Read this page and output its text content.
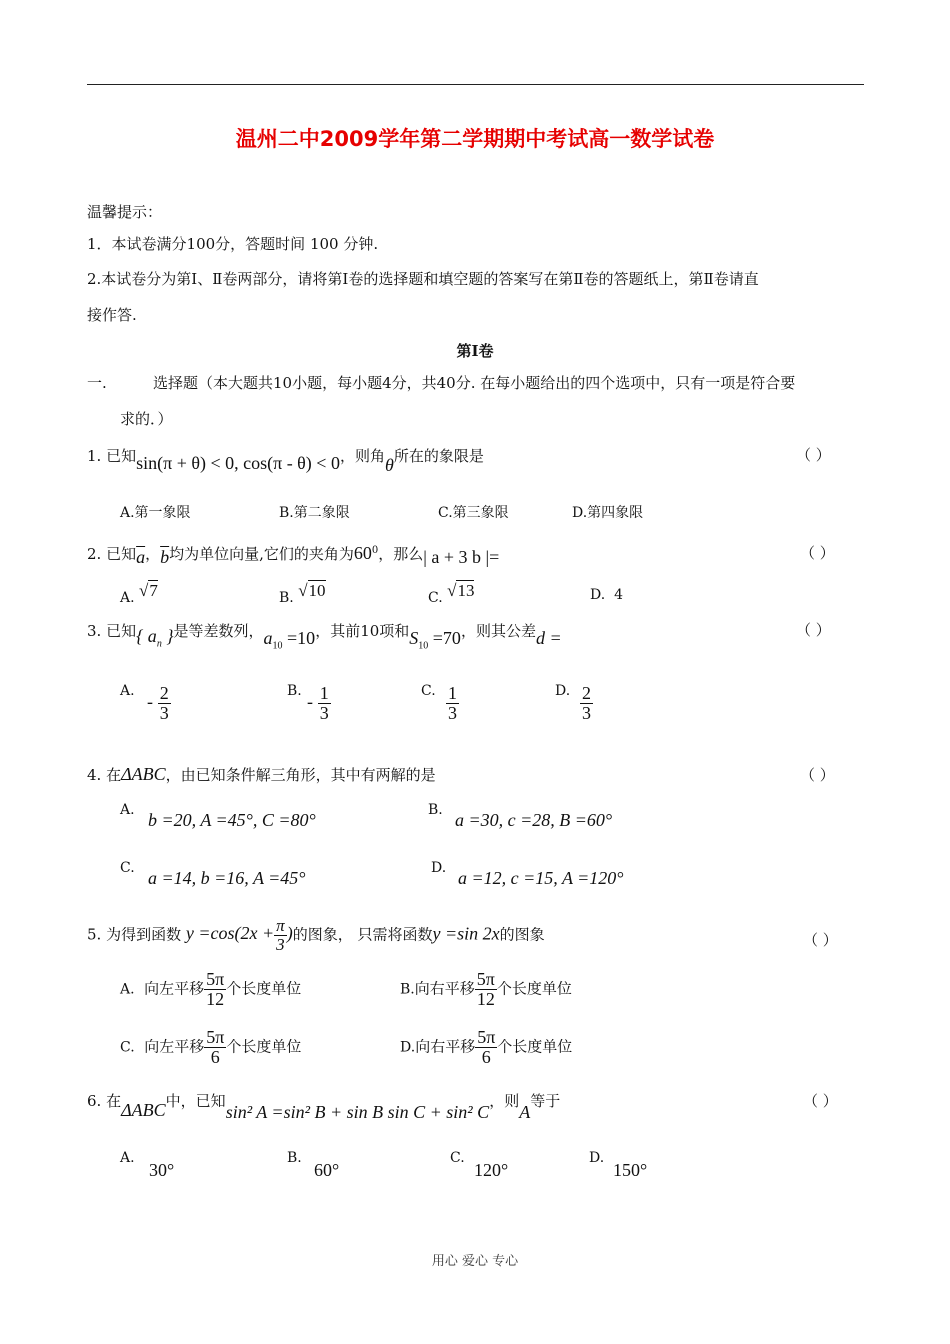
温州二中2009学年第二学期期中考试高一数学试卷
温馨提示：
1．本试卷满分100分，答题时间 100 分钟.
2.本试卷分为第Ⅰ、Ⅱ卷两部分，请将第Ⅰ卷的选择题和填空题的答案写在第Ⅱ卷的答题纸上，第Ⅱ卷请直
接作答.
第Ⅰ卷
一.	选择题（本大题共10小题，每小题4分，共40分. 在每小题给出的四个选项中，只有一项是符合要
求的．）
1. 已知sin(π + θ) < 0, cos(π - θ) < 0，则角θ所在的象限是	（ ）
A.第一象限	B.第二象限	C.第三象限	D.第四象限
2. 已知$\overline{a}$，$\overline{b}$均为单位向量,它们的夹角为$60^0$，那么| a + 3 b |=	（ ）
A. √7	B. √10	C. √13	D. 4
3. 已知{ $a_n$ }是等差数列，$a_{10} =10$，其前10项和$S_{10} =70$，则其公差d =	（ ）
A.
- $\frac{2}{3}$	B.
- $\frac{1}{3}$	C. $\frac{1}{3}$	D. $\frac{2}{3}$
4. 在ΔABC，由已知条件解三角形，其中有两解的是	（ ）
A. b =20, A =45°, C =80°	B. a =30, c =28, B =60°
C. a =14, b =16, A =45°	D. a =12, c =15, A =120°
5. 为得到函数 $y =\cos(2x + \frac{\pi}{3}$ )的图象， 只需将函数y =sin 2x的图象	（ ）
A. 向左平移 $\frac{5\pi}{12}$ 个长度单位	B.向右平移 $\frac{5\pi}{12}$ 个长度单位
C. 向左平移 $\frac{5\pi}{6}$ 个长度单位	D.向右平移 $\frac{5\pi}{6}$ 个长度单位
6. 在ΔABC中，已知sin² A =sin² B + sin B sin C + sin² C，则A等于	（ ）
A.
30°
B.
60°
C.
120°
D.
150°
用心 爱心 专心
